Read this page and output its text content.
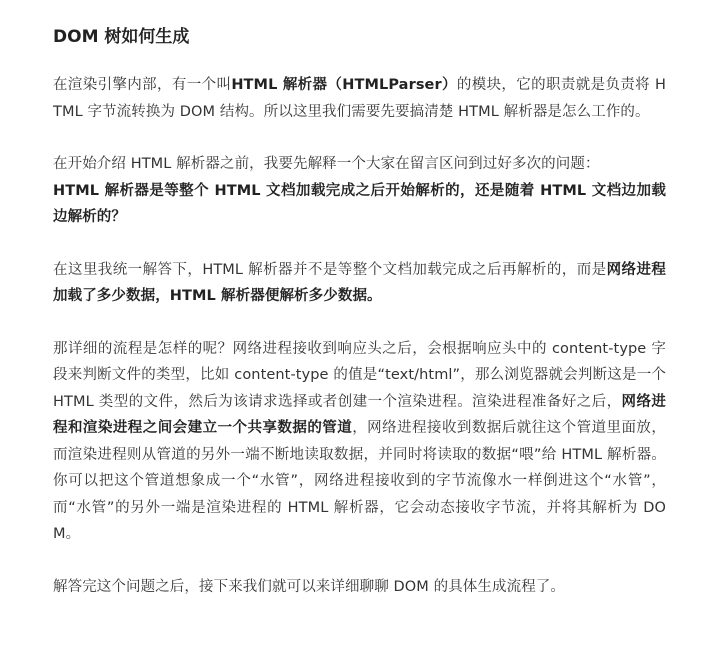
DOM 树如何生成

在渲染引擎内部，有一个叫HTML 解析器（HTMLParser）的模块，它的职责就是负责将 HTML 字节流转换为 DOM 结构。所以这里我们需要先要搞清楚 HTML 解析器是怎么工作的。

在开始介绍 HTML 解析器之前，我要先解释一个大家在留言区问到过好多次的问题：
HTML 解析器是等整个 HTML 文档加载完成之后开始解析的，还是随着 HTML 文档边加载边解析的？

在这里我统一解答下，HTML 解析器并不是等整个文档加载完成之后再解析的，而是网络进程加载了多少数据，HTML 解析器便解析多少数据。

那详细的流程是怎样的呢？网络进程接收到响应头之后，会根据响应头中的 content-type 字段来判断文件的类型，比如 content-type 的值是“text/html”，那么浏览器就会判断这是一个 HTML 类型的文件，然后为该请求选择或者创建一个渲染进程。渲染进程准备好之后，网络进程和渲染进程之间会建立一个共享数据的管道，网络进程接收到数据后就往这个管道里面放，而渲染进程则从管道的另外一端不断地读取数据，并同时将读取的数据“喂”给 HTML 解析器。你可以把这个管道想象成一个“水管”，网络进程接收到的字节流像水一样倒进这个“水管”，而“水管”的另外一端是渲染进程的 HTML 解析器，它会动态接收字节流，并将其解析为 DOM。

解答完这个问题之后，接下来我们就可以来详细聊聊 DOM 的具体生成流程了。
